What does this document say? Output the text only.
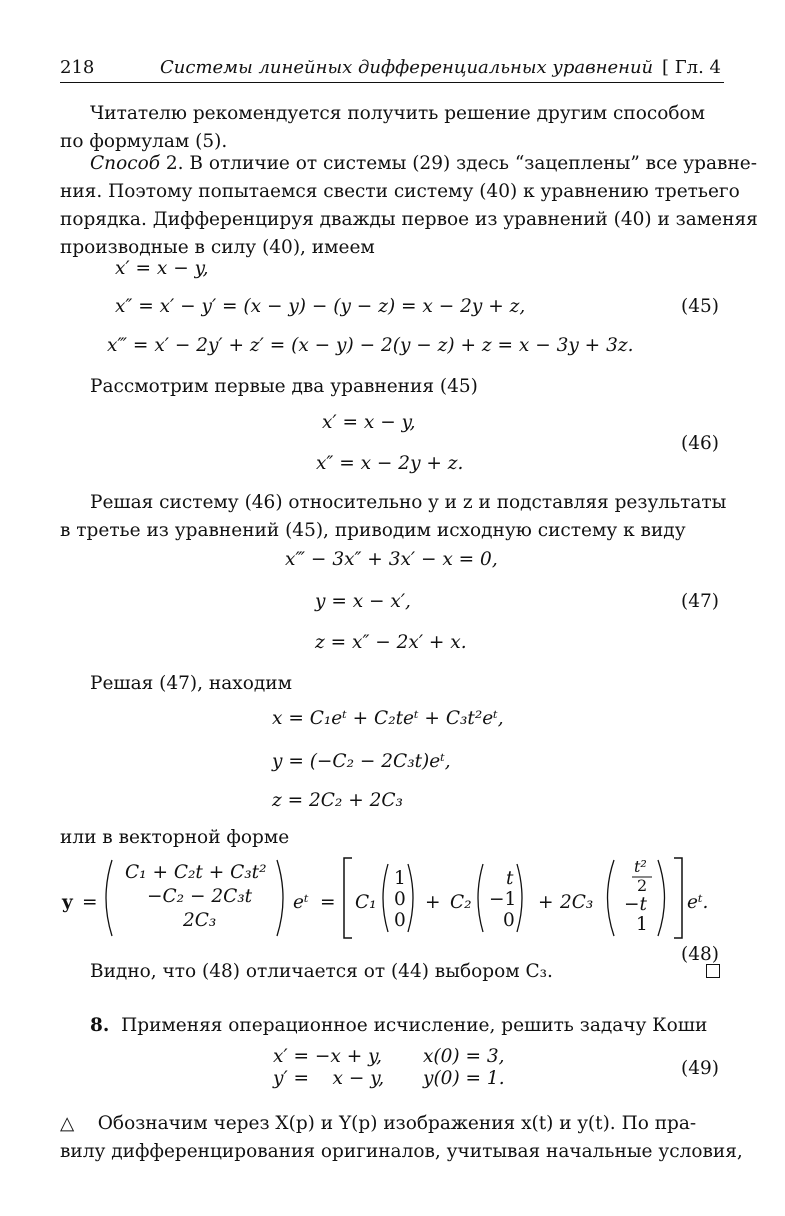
218	Системы линейных дифференциальных уравнений [ Гл. 4
Читателю рекомендуется получить решение другим способом
по формулам (5).
Способ 2. В отличие от системы (29) здесь “зацеплены” все уравне-
ния. Поэтому попытаемся свести систему (40) к уравнению третьего
порядка. Дифференцируя дважды первое из уравнений (40) и заменяя
производные в силу (40), имеем
x′ = x − y,
x″ = x′ − y′ = (x − y) − (y − z) = x − 2y + z,
x‴ = x′ − 2y′ + z′ = (x − y) − 2(y − z) + z = x − 3y + 3z.
(45)
Рассмотрим первые два уравнения (45)
x′ = x − y,
x″ = x − 2y + z.
(46)
Решая систему (46) относительно y и z и подставляя результаты
в третье из уравнений (45), приводим исходную систему к виду
x‴ − 3x″ + 3x′ − x = 0,
y = x − x′,
z = x″ − 2x′ + x.
(47)
Решая (47), находим
x = C₁eᵗ + C₂teᵗ + C₃t²eᵗ,
y = (−C₂ − 2C₃t)eᵗ,
z = 2C₂ + 2C₃
или в векторной форме
y =
C₁ + C₂t + C₃t²
−C₂ − 2C₃t
2C₃
eᵗ = C₁
1
0
0
+ C₂
t
−1
0
+ 2C₃
t²
2
−t
1
eᵗ.
(48)
Видно, что (48) отличается от (44) выбором C₃.
8. Применяя операционное исчисление, решить задачу Коши
x′ = −x + y, x(0) = 3,
y′ =    x − y, y(0) = 1.	(49)
△ Обозначим через X(p) и Y(p) изображения x(t) и y(t). По пра-
вилу дифференцирования оригиналов, учитывая начальные условия,
